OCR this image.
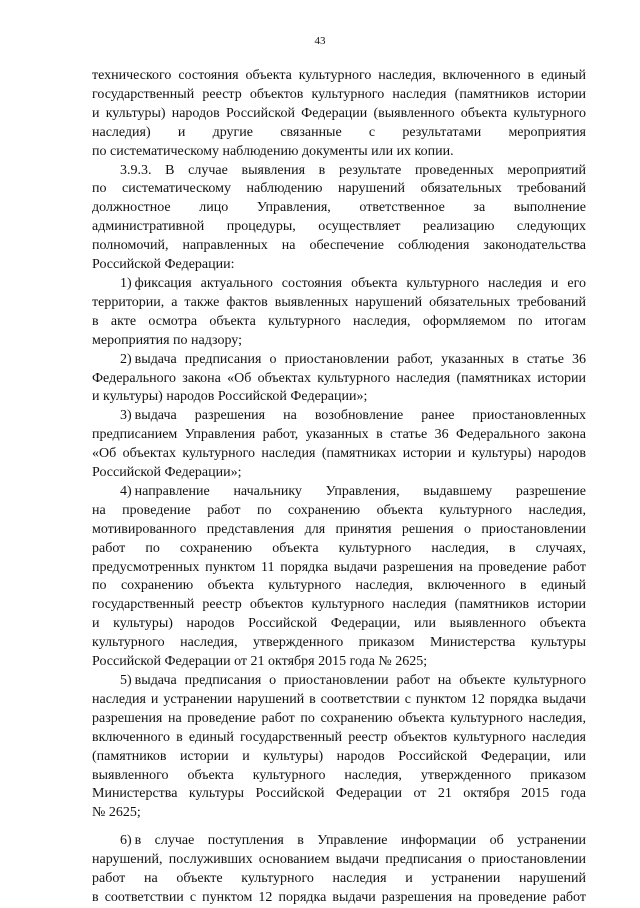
43
технического состояния объекта культурного наследия, включенного в единый
государственный реестр объектов культурного наследия (памятников истории
и культуры) народов Российской Федерации (выявленного объекта культурного
наследия) и другие связанные с результатами мероприятия
по систематическому наблюдению документы или их копии.
3.9.3. В случае выявления в результате проведенных мероприятий
по систематическому наблюдению нарушений обязательных требований
должностное лицо Управления, ответственное за выполнение
административной процедуры, осуществляет реализацию следующих
полномочий, направленных на обеспечение соблюдения законодательства
Российской Федерации:
1) фиксация актуального состояния объекта культурного наследия и его
территории, а также фактов выявленных нарушений обязательных требований
в акте осмотра объекта культурного наследия, оформляемом по итогам
мероприятия по надзору;
2) выдача предписания о приостановлении работ, указанных в статье 36
Федерального закона «Об объектах культурного наследия (памятниках истории
и культуры) народов Российской Федерации»;
3) выдача разрешения на возобновление ранее приостановленных
предписанием Управления работ, указанных в статье 36 Федерального закона
«Об объектах культурного наследия (памятниках истории и культуры) народов
Российской Федерации»;
4) направление начальнику Управления, выдавшему разрешение
на проведение работ по сохранению объекта культурного наследия,
мотивированного представления для принятия решения о приостановлении
работ по сохранению объекта культурного наследия, в случаях,
предусмотренных пунктом 11 порядка выдачи разрешения на проведение работ
по сохранению объекта культурного наследия, включенного в единый
государственный реестр объектов культурного наследия (памятников истории
и культуры) народов Российской Федерации, или выявленного объекта
культурного наследия, утвержденного приказом Министерства культуры
Российской Федерации от 21 октября 2015 года № 2625;
5) выдача предписания о приостановлении работ на объекте культурного
наследия и устранении нарушений в соответствии с пунктом 12 порядка выдачи
разрешения на проведение работ по сохранению объекта культурного наследия,
включенного в единый государственный реестр объектов культурного наследия
(памятников истории и культуры) народов Российской Федерации, или
выявленного объекта культурного наследия, утвержденного приказом
Министерства культуры Российской Федерации от 21 октября 2015 года
№ 2625;
6) в случае поступления в Управление информации об устранении
нарушений, послуживших основанием выдачи предписания о приостановлении
работ на объекте культурного наследия и устранении нарушений
в соответствии с пунктом 12 порядка выдачи разрешения на проведение работ
